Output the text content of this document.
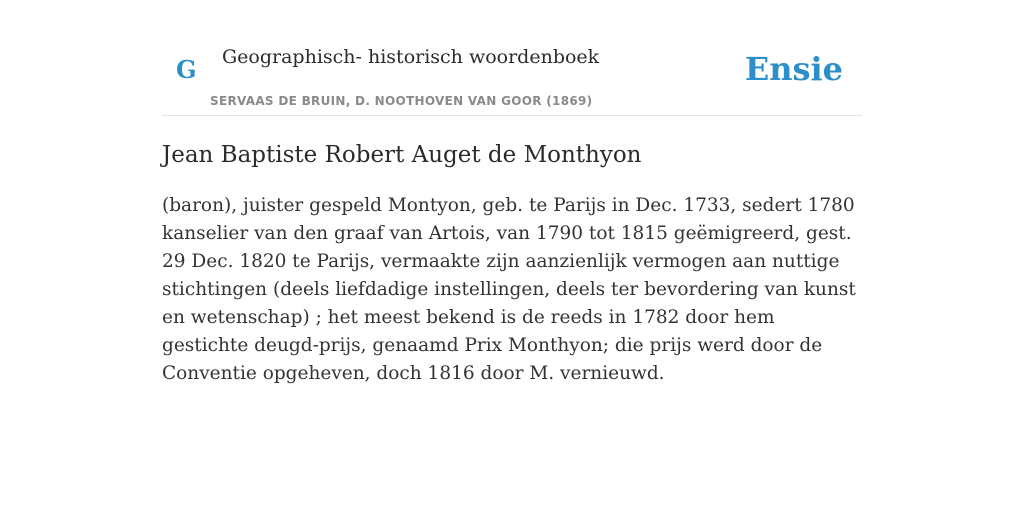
G Geographisch- historisch woordenboek
SERVAAS DE BRUIN, D. NOOTHOVEN VAN GOOR (1869)
Ensie
Jean Baptiste Robert Auget de Monthyon

(baron), juister gespeld Montyon, geb. te Parijs in Dec. 1733, sedert 1780 kanselier van den graaf van Artois, van 1790 tot 1815 geëmigreerd, gest. 29 Dec. 1820 te Parijs, vermaakte zijn aanzienlijk vermogen aan nuttige stichtingen (deels liefdadige instellingen, deels ter bevordering van kunst en wetenschap) ; het meest bekend is de reeds in 1782 door hem gestichte deugd-prijs, genaamd Prix Monthyon; die prijs werd door de Conventie opgeheven, doch 1816 door M. vernieuwd.
